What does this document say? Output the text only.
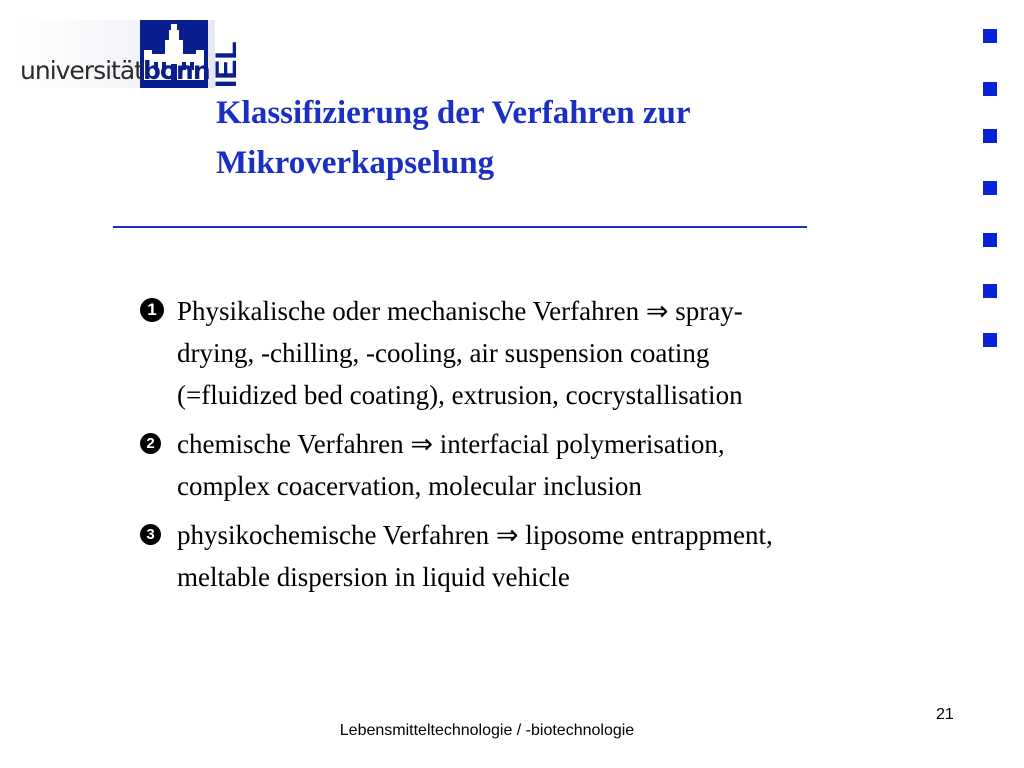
universitätbonn IEL
Klassifizierung der Verfahren zur
Mikroverkapselung
1 Physikalische oder mechanische Verfahren ⇒ spray-
drying, -chilling, -cooling, air suspension coating
(=fluidized bed coating), extrusion, cocrystallisation
2 chemische Verfahren ⇒ interfacial polymerisation,
complex coacervation, molecular inclusion
3 physikochemische Verfahren ⇒ liposome entrappment,
meltable dispersion in liquid vehicle
21
Lebensmitteltechnologie / -biotechnologie
